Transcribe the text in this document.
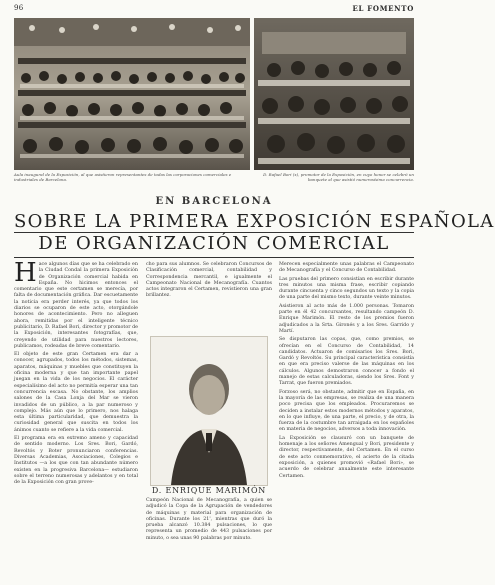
96	EL FOMENTO
Aula inaugural de la Exposición, al que asistieron representantes de todas las corporaciones comerciales e industriales de Barcelona.
D. Rafael Bori (x), promotor de la Exposición, en cuyo honor se celebró un banquete al que asistió numerosísima concurrencia.
EN BARCELONA
SOBRE LA PRIMERA EXPOSICIÓN ESPAÑOLA
DE ORGANIZACIÓN COMERCIAL

Hace algunos días que se ha celebrado en la Ciudad Condal la primera Exposición de Organización comercial habida en España. No hicimos entonces el comentario que este certamen se merecía, por falta de documentación gráfica. Dar escuetamente la noticia era perder interés, ya que todos los diarios se ocuparon de este acto, otorgándole honores de acontecimiento. Pero no alleguen ahora, remitidas por el inteligente técnico publicitario, D. Rafael Bori, director y promotor de la Exposición, interesantes fotografías, que, creyendo de utilidad para nuestros lectores, publicamos, rodeadas de breve comentario.

El objeto de este gran Certamen era dar a conocer, agrupados, todos los métodos, sistemas, aparatos, máquinas y muebles que constituyen la oficina moderna y que tan importante papel juegan en la vida de los negocios. El carácter especialísimo del acto no permitía esperar una tan concurrencia escasa. No obstante, los amplios salones de la Casa Lonja del Mar se vieron invadidos de un público, a la par numeroso y complejo. Más aún que lo primero, nos halaga esta última particularidad, que demuestra la curiosidad general que suscita en todos los ánimos cuanto se refiere a la vida comercial.

El programa era en extremo ameno y capacidad de sentido moderno. Los Sres. Bori, Gardó, Revoltós y Boter pronunciaron conferencias. Diversas Academias, Asociaciones, Colegios e Institutos —a los que con tan abundante número existen en la progresiva Barcelona— estudiaron sobre el terreno numerosas y adelantos y en total de la Exposición con gran prove-

cho para sus alumnos. Se celebraron Concursos de Clasificación comercial, contabilidad y Correspondencia mercantil, e igualmente el Campeonato Nacional de Mecanografía. Cuantos actos integraron el Certamen, revistieron una gran brillantez.

D. ENRIQUE MARIMÓN

Campeón Nacional de Mecanografía, a quien se adjudicó la Copa de la Agrupación de vendedores de máquinas y material para organización de oficinas. Durante los 21', mientras que duró la prueba alcanzó 10.384 pulsaciones, lo que representa un promedio de 443 pulsaciones por minuto, o sea unas 90 palabras por minuto.

Merecen especialmente unas palabras el Campeonato de Mecanografía y el Concurso de Contabilidad.

Las pruebas del primero consistían en escribir durante tres minutos una misma frase, escribir copiando durante cincuenta y cinco segundos un texto y la copia de una parte del mismo texto, durante veinte minutos.

Asistieron al acto más de 1.000 personas. Tomaron parte en él 42 concursantes, resultando campeón D. Enrique Marimón. El resto de los premios fueron adjudicados a la Srta. Gironés y a los Sres. Garrido y Martí.

Se disputaron las copas, que, como premios, se ofrecían en el Concurso de Contabilidad, 14 candidatos. Actuaron de comisarios los Sres. Bori, Gardó y Revoltós. Su principal característica consistía en que era preciso valerse de las máquinas en los cálculos. Algunos demostraron conocer a fondo el manejo de estas calculadoras, siendo los Sres. Font y Tarrat, que fueron premiados.

Forzoso será, no obstante, admitir que en España, en la mayoría de las empresas, se realiza de una manera poco precisa que los empleados. Procuraremos se deciden a instalar estos modernos métodos y aparatos, en lo que influye, de una parte, el precio, y de otra, la fuerza de la costumbre tan arraigada en los españoles en materia de negocios, adversos a toda innovación.

La Exposición se clausuró con un banquete de homenaje a los señores Amengual y Bori, presidente y director, respectivamente, del Certamen. En el curso de este acto conmemorativo, el acierto de la citada exposición, a quienes promovió «Rafael Bori», se acuerdo de celebrar anualmente este interesante Certamen.
